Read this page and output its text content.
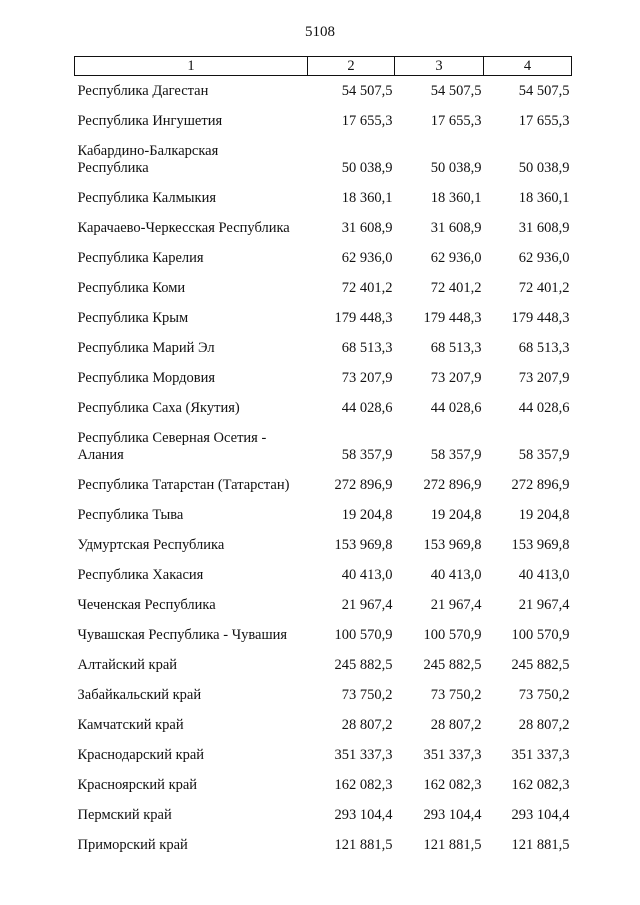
5108
1	2	3	4
Республика Дагестан	54 507,5	54 507,5	54 507,5
Республика Ингушетия	17 655,3	17 655,3	17 655,3

Кабардино-Балкарская
Республика	50 038,9	50 038,9	50 038,9
Республика Калмыкия	18 360,1	18 360,1	18 360,1
Карачаево-Черкесская Республика	31 608,9	31 608,9	31 608,9
Республика Карелия	62 936,0	62 936,0	62 936,0
Республика Коми	72 401,2	72 401,2	72 401,2
Республика Крым	179 448,3	179 448,3	179 448,3
Республика Марий Эл	68 513,3	68 513,3	68 513,3
Республика Мордовия	73 207,9	73 207,9	73 207,9
Республика Саха (Якутия)	44 028,6	44 028,6	44 028,6

Республика Северная Осетия -
Алания	58 357,9	58 357,9	58 357,9
Республика Татарстан (Татарстан)	272 896,9	272 896,9	272 896,9
Республика Тыва	19 204,8	19 204,8	19 204,8
Удмуртская Республика	153 969,8	153 969,8	153 969,8
Республика Хакасия	40 413,0	40 413,0	40 413,0
Чеченская Республика	21 967,4	21 967,4	21 967,4
Чувашская Республика - Чувашия	100 570,9	100 570,9	100 570,9
Алтайский край	245 882,5	245 882,5	245 882,5
Забайкальский край	73 750,2	73 750,2	73 750,2
Камчатский край	28 807,2	28 807,2	28 807,2
Краснодарский край	351 337,3	351 337,3	351 337,3
Красноярский край	162 082,3	162 082,3	162 082,3
Пермский край	293 104,4	293 104,4	293 104,4
Приморский край	121 881,5	121 881,5	121 881,5
